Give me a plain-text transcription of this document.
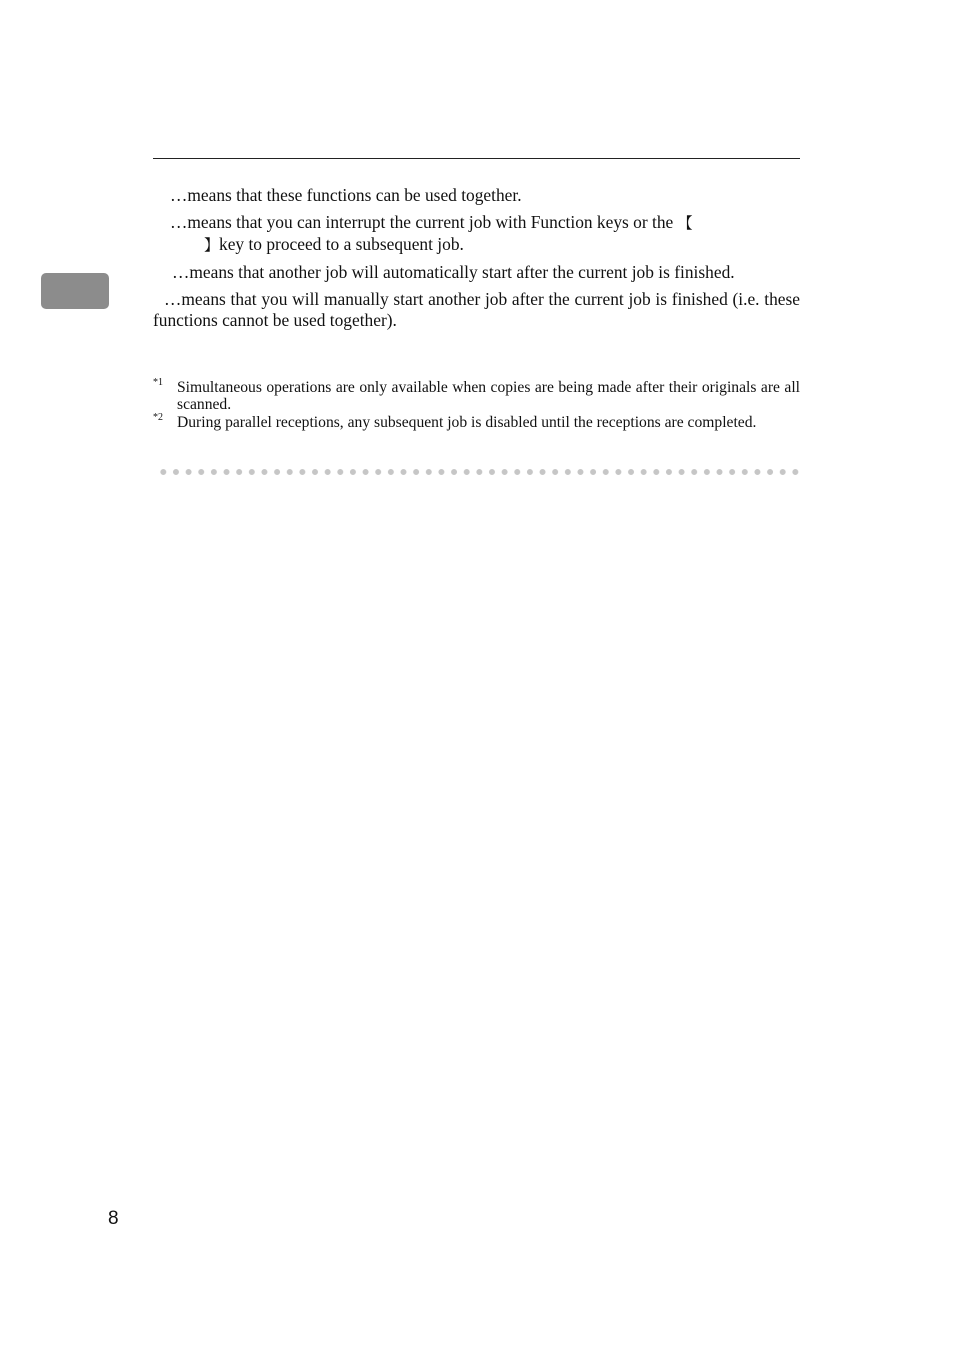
…means that these functions can be used together.

…means that you can interrupt the current job with Function keys or the 【
】key to proceed to a subsequent job.

…means that another job will automatically start after the current job is finished.

…means that you will manually start another job after the current job is finished (i.e. these functions cannot be used together).

*1 Simultaneous operations are only available when copies are being made after their originals are all scanned.
*2 During parallel receptions, any subsequent job is disabled until the receptions are completed.
8
